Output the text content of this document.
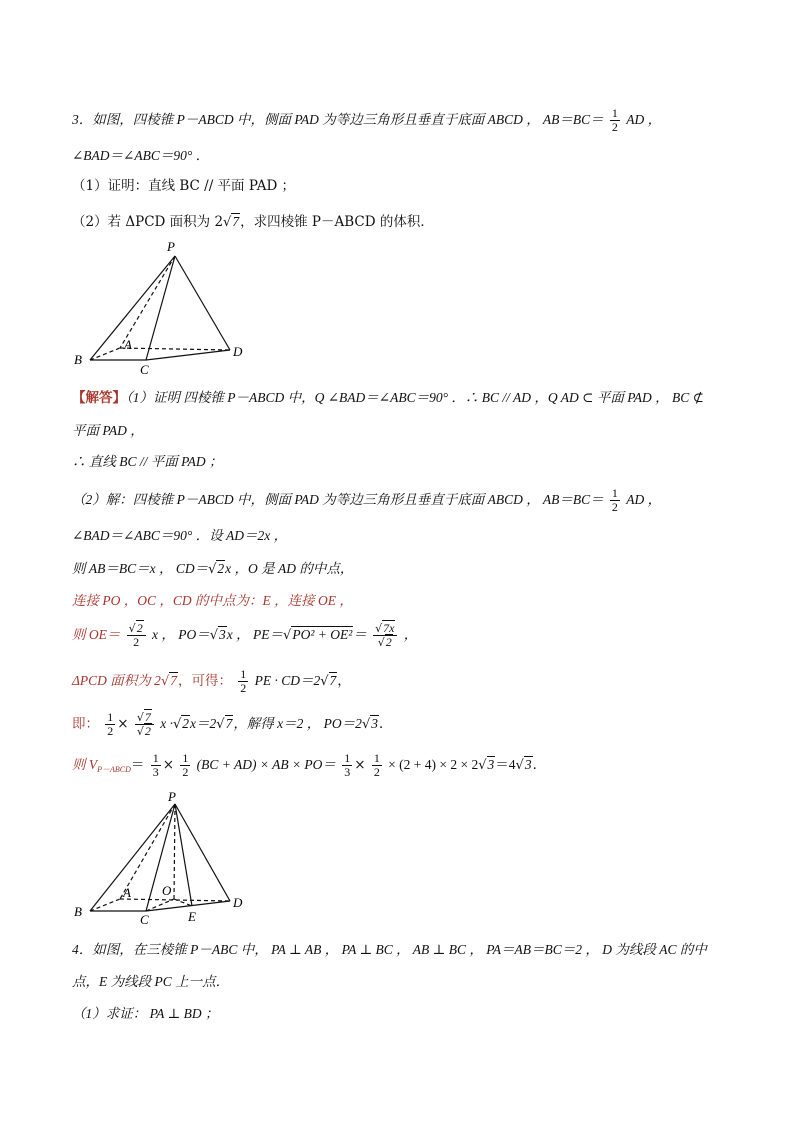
3．如图，四棱锥 P－ABCD 中，侧面 PAD 为等边三角形且垂直于底面 ABCD ， $AB=BC= \frac{1}{2}$ AD ，
∠BAD＝∠ABC＝90° ．
（1）证明：直线 BC // 平面 PAD ；
（2）若 ΔPCD 面积为 2√7，求四棱锥 P－ABCD 的体积．
P
A
B
C
D
【解答】（1）证明 四棱锥 P－ABCD 中，Q ∠BAD＝∠ABC＝90° ．∴ BC // AD ，Q AD ⊂ 平面 PAD ， BC ⊄
平面 PAD ，
∴ 直线 BC // 平面 PAD ；
（2）解：四棱锥 P－ABCD 中，侧面 PAD 为等边三角形且垂直于底面 ABCD ， $AB=BC= \frac{1}{2}$ AD ，
∠BAD＝∠ABC＝90° ．设 AD＝2x ，
则 AB＝BC＝x ， CD＝√2x ，O 是 AD 的中点，
连接 PO ，OC ，CD 的中点为：E ，连接 OE ，
则 $OE= \frac{√2}{2}$ x ， PO＝√3x ， $PE=√PO^2 + OE^2= \frac{√7x}{√2}$ ，
ΔPCD 面积为 2√7，可得： $\frac{1}{2}$ PE · CD＝2√7，
即： $\frac{1}{2} \times \frac{√7}{√2}$ x ·√2x＝2√7，解得 x＝2 ， PO＝2√3．
则 $V_{P-ABCD}= \frac{1}{3} \times \frac{1}{2} (BC + AD)$ × AB × $PO= \frac{1}{3} \times \frac{1}{2} \times (2 + 4) \times 2 \times 2√3=4√3$．
P
A
B
C
D
O
E
4．如图，在三棱锥 P－ABC 中， PA ⊥ AB ， PA ⊥ BC ， AB ⊥ BC ， PA＝AB＝BC＝2 ， D 为线段 AC 的中
点，E 为线段 PC 上一点．
（1）求证： PA ⊥ BD ；
